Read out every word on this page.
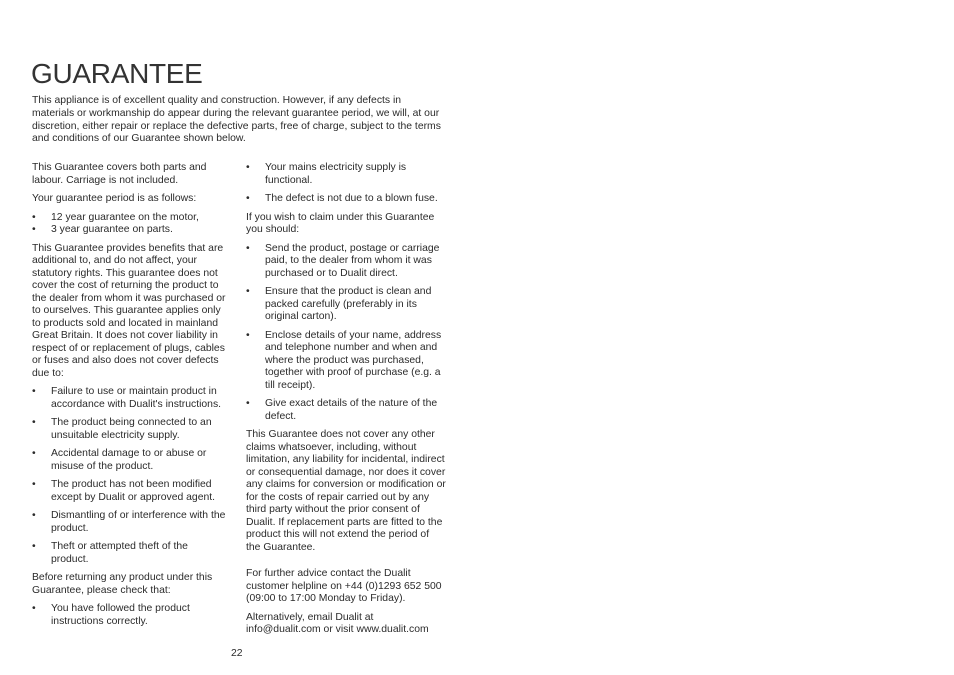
GUARANTEE

This appliance is of excellent quality and construction. However, if any defects in materials or workmanship do appear during the relevant guarantee period, we will, at our discretion, either repair or replace the defective parts, free of charge, subject to the terms and conditions of our Guarantee shown below.

This Guarantee covers both parts and labour. Carriage is not included.

Your guarantee period is as follows:

• 12 year guarantee on the motor,
• 3 year guarantee on parts.

This Guarantee provides benefits that are additional to, and do not affect, your statutory rights. This guarantee does not cover the cost of returning the product to the dealer from whom it was purchased or to ourselves. This guarantee applies only to products sold and located in mainland Great Britain. It does not cover liability in respect of or replacement of plugs, cables or fuses and also does not cover defects due to:

• Failure to use or maintain product in accordance with Dualit's instructions.
• The product being connected to an unsuitable electricity supply.
• Accidental damage to or abuse or misuse of the product.
• The product has not been modified except by Dualit or approved agent.
• Dismantling of or interference with the product.
• Theft or attempted theft of the product.

Before returning any product under this Guarantee, please check that:

• You have followed the product instructions correctly.
• Your mains electricity supply is functional.
• The defect is not due to a blown fuse.

If you wish to claim under this Guarantee you should:

• Send the product, postage or carriage paid, to the dealer from whom it was purchased or to Dualit direct.
• Ensure that the product is clean and packed carefully (preferably in its original carton).
• Enclose details of your name, address and telephone number and when and where the product was purchased, together with proof of purchase (e.g. a till receipt).
• Give exact details of the nature of the defect.

This Guarantee does not cover any other claims whatsoever, including, without limitation, any liability for incidental, indirect or consequential damage, nor does it cover any claims for conversion or modification or for the costs of repair carried out by any third party without the prior consent of Dualit. If replacement parts are fitted to the product this will not extend the period of the Guarantee.

For further advice contact the Dualit customer helpline on +44 (0)1293 652 500 (09:00 to 17:00 Monday to Friday).

Alternatively, email Dualit at info@dualit.com or visit www.dualit.com

22
